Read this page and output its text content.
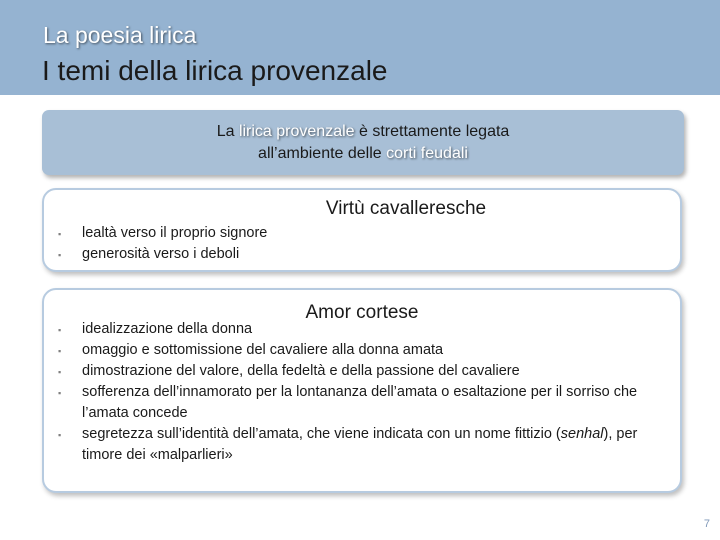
La poesia lirica
I temi della lirica provenzale
La lirica provenzale è strettamente legata
all’ambiente delle corti feudali
Virtù cavalleresche
▪ lealtà verso il proprio signore
▪ generosità verso i deboli
Amor cortese
▪ idealizzazione della donna
▪ omaggio e sottomissione del cavaliere alla donna amata
▪ dimostrazione del valore, della fedeltà e della passione del cavaliere
▪ sofferenza dell’innamorato per la lontananza dell’amata o esaltazione per il sorriso che l’amata concede
▪ segretezza sull’identità dell’amata, che viene indicata con un nome fittizio (senhal), per timore dei «malparlieri»
7
